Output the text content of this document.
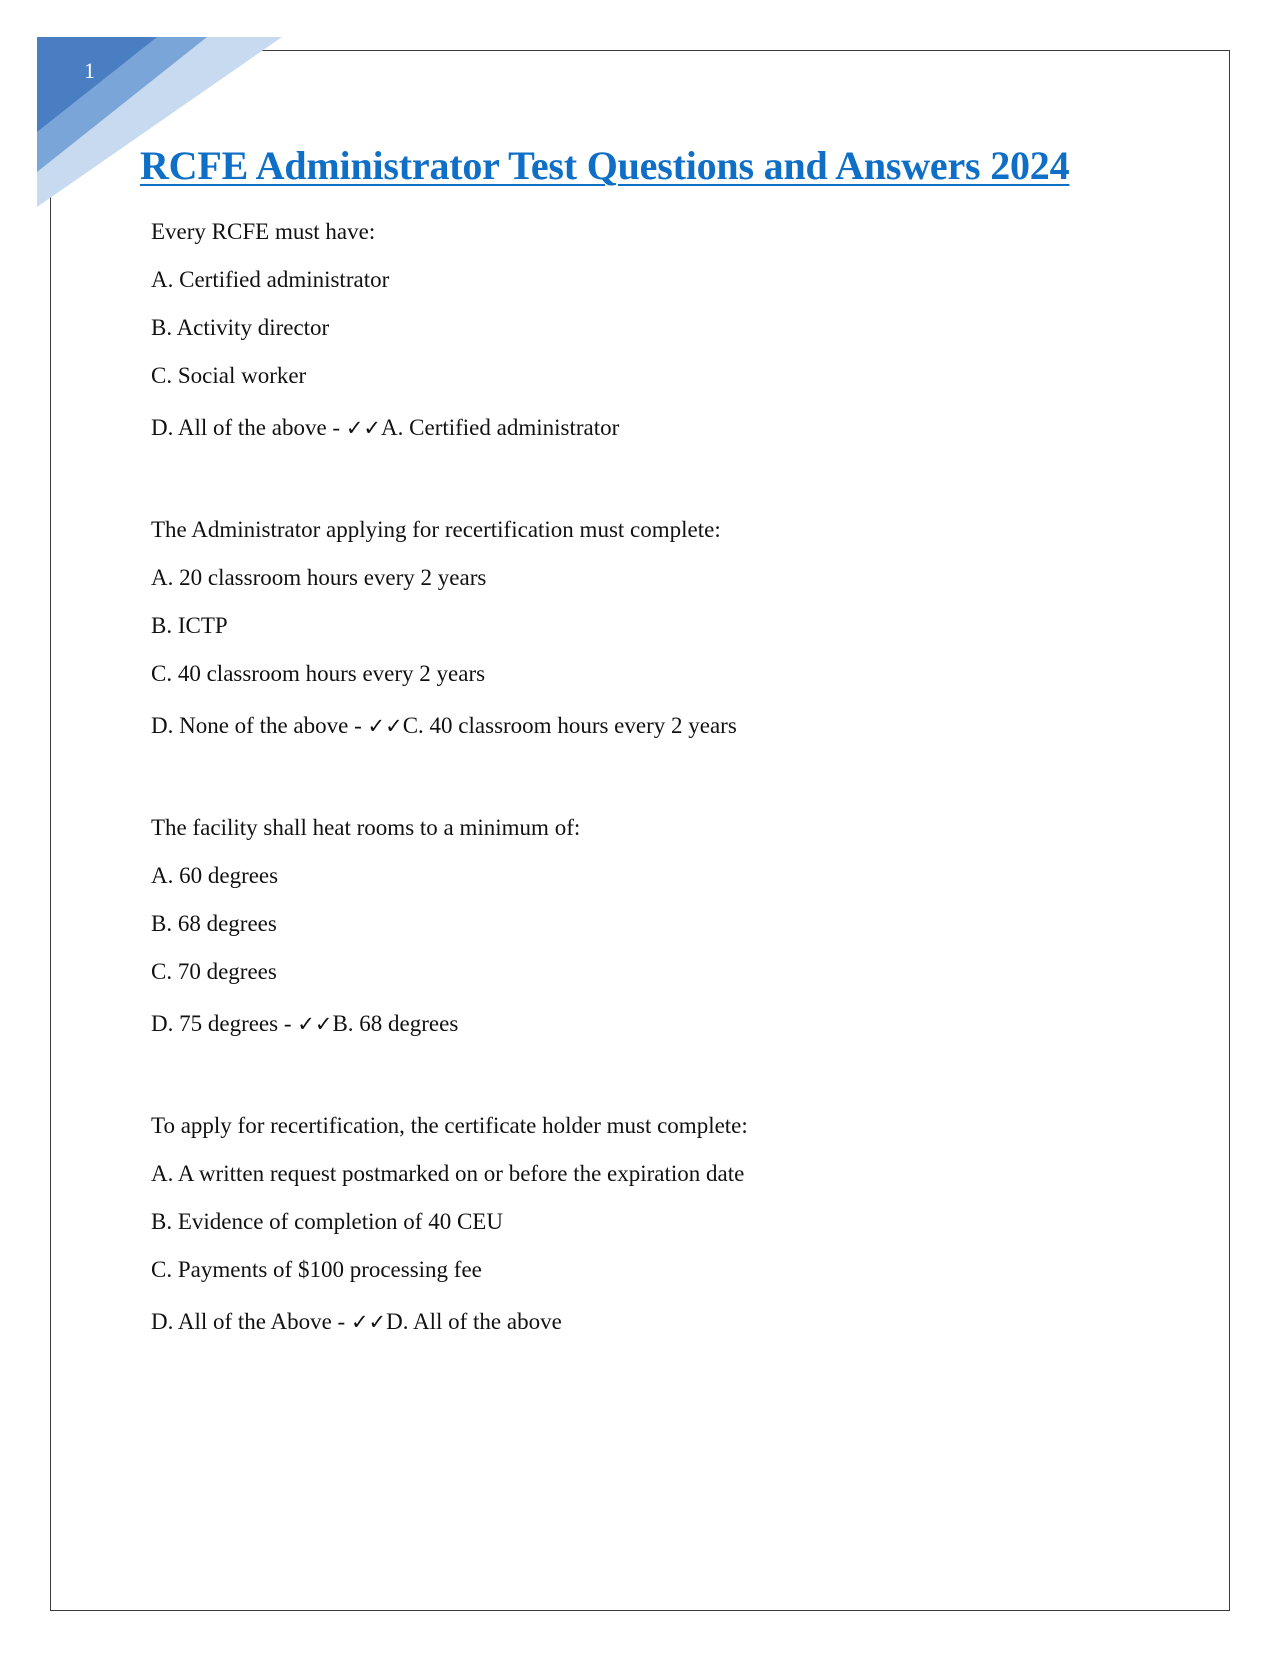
1
RCFE Administrator Test Questions and Answers 2024
Every RCFE must have:
A. Certified administrator
B. Activity director
C. Social worker
D. All of the above - ✓✓A. Certified administrator
The Administrator applying for recertification must complete:
A. 20 classroom hours every 2 years
B. ICTP
C. 40 classroom hours every 2 years
D. None of the above - ✓✓C. 40 classroom hours every 2 years
The facility shall heat rooms to a minimum of:
A. 60 degrees
B. 68 degrees
C. 70 degrees
D. 75 degrees - ✓✓B. 68 degrees
To apply for recertification, the certificate holder must complete:
A. A written request postmarked on or before the expiration date
B. Evidence of completion of 40 CEU
C. Payments of $100 processing fee
D. All of the Above - ✓✓D. All of the above
